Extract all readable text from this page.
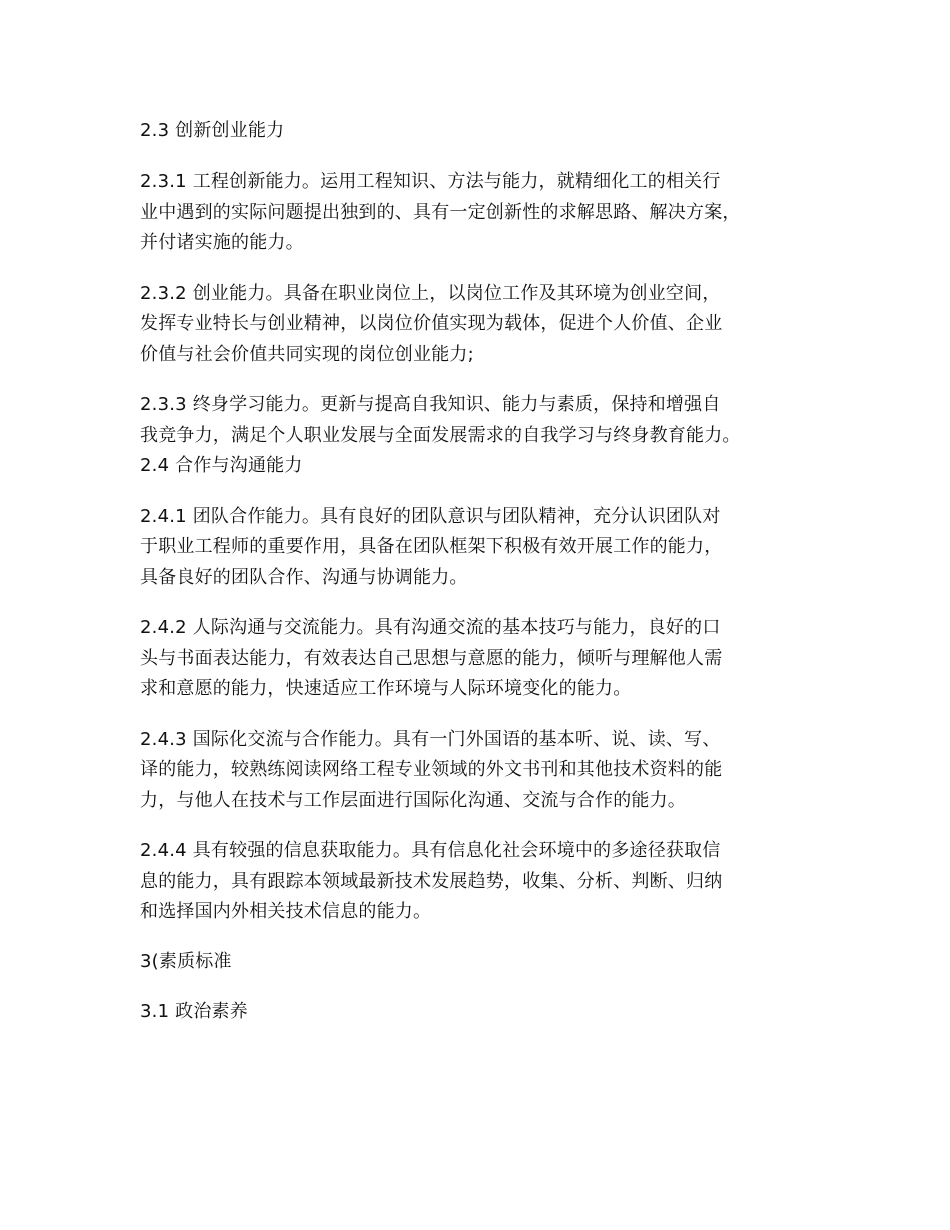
2.3 创新创业能力
2.3.1 工程创新能力。运用工程知识、方法与能力，就精细化工的相关行
业中遇到的实际问题提出独到的、具有一定创新性的求解思路、解决方案，
并付诸实施的能力。
2.3.2 创业能力。具备在职业岗位上，以岗位工作及其环境为创业空间，
发挥专业特长与创业精神，以岗位价值实现为载体，促进个人价值、企业
价值与社会价值共同实现的岗位创业能力;
2.3.3 终身学习能力。更新与提高自我知识、能力与素质，保持和增强自
我竞争力，满足个人职业发展与全面发展需求的自我学习与终身教育能力。
2.4 合作与沟通能力
2.4.1 团队合作能力。具有良好的团队意识与团队精神，充分认识团队对
于职业工程师的重要作用，具备在团队框架下积极有效开展工作的能力，
具备良好的团队合作、沟通与协调能力。
2.4.2 人际沟通与交流能力。具有沟通交流的基本技巧与能力，良好的口
头与书面表达能力，有效表达自己思想与意愿的能力，倾听与理解他人需
求和意愿的能力，快速适应工作环境与人际环境变化的能力。
2.4.3 国际化交流与合作能力。具有一门外国语的基本听、说、读、写、
译的能力，较熟练阅读网络工程专业领域的外文书刊和其他技术资料的能
力，与他人在技术与工作层面进行国际化沟通、交流与合作的能力。
2.4.4 具有较强的信息获取能力。具有信息化社会环境中的多途径获取信
息的能力，具有跟踪本领域最新技术发展趋势，收集、分析、判断、归纳
和选择国内外相关技术信息的能力。
3(素质标准
3.1 政治素养
